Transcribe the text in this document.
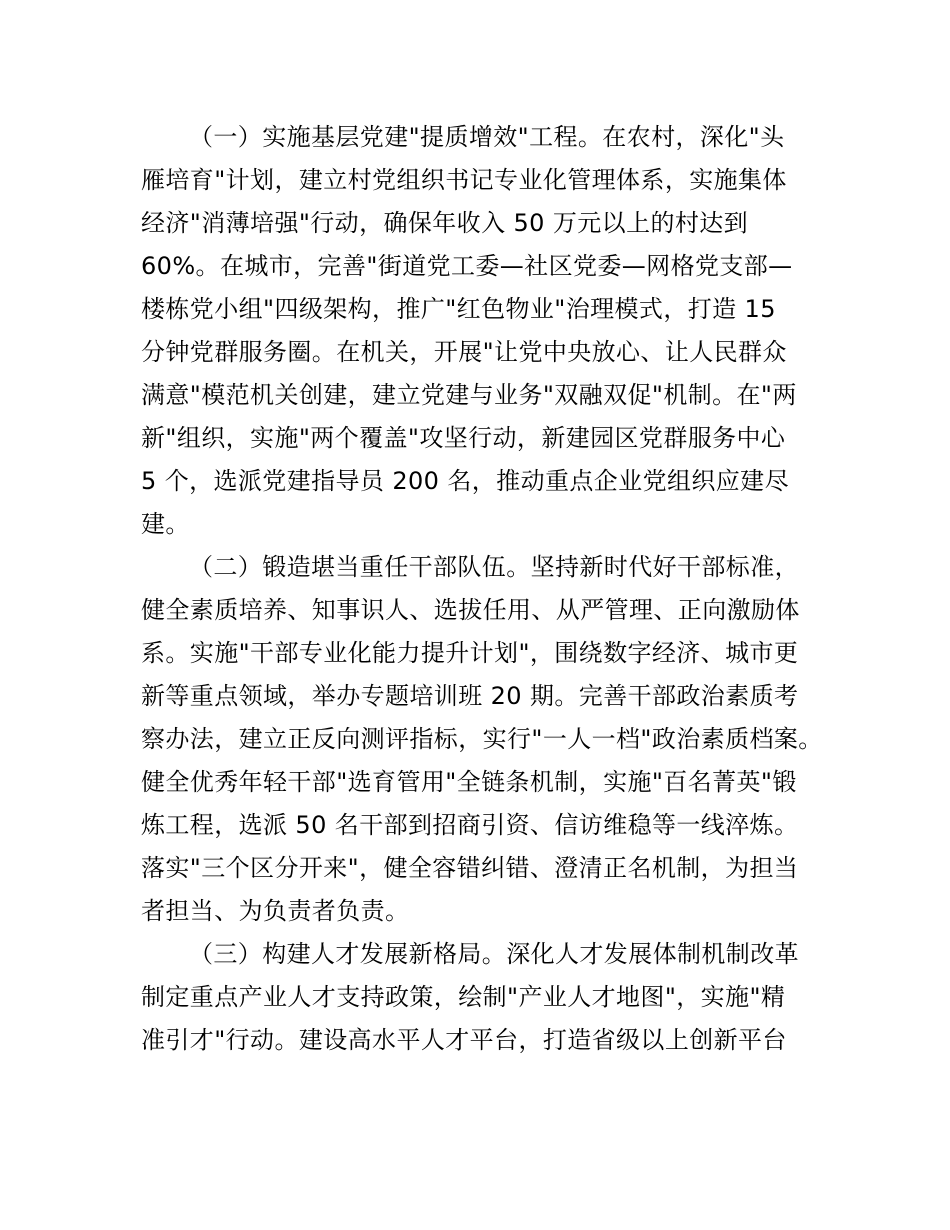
（一）实施基层党建"提质增效"工程。在农村，深化"头
雁培育"计划，建立村党组织书记专业化管理体系，实施集体
经济"消薄培强"行动，确保年收入 50 万元以上的村达到
60%。在城市，完善"街道党工委—社区党委—网格党支部—
楼栋党小组"四级架构，推广"红色物业"治理模式，打造 15
分钟党群服务圈。在机关，开展"让党中央放心、让人民群众
满意"模范机关创建，建立党建与业务"双融双促"机制。在"两
新"组织，实施"两个覆盖"攻坚行动，新建园区党群服务中心
5 个，选派党建指导员 200 名，推动重点企业党组织应建尽
建。
（二）锻造堪当重任干部队伍。坚持新时代好干部标准，
健全素质培养、知事识人、选拔任用、从严管理、正向激励体
系。实施"干部专业化能力提升计划"，围绕数字经济、城市更
新等重点领域，举办专题培训班 20 期。完善干部政治素质考
察办法，建立正反向测评指标，实行"一人一档"政治素质档案。
健全优秀年轻干部"选育管用"全链条机制，实施"百名菁英"锻
炼工程，选派 50 名干部到招商引资、信访维稳等一线淬炼。
落实"三个区分开来"，健全容错纠错、澄清正名机制，为担当
者担当、为负责者负责。
（三）构建人才发展新格局。深化人才发展体制机制改革
制定重点产业人才支持政策，绘制"产业人才地图"，实施"精
准引才"行动。建设高水平人才平台，打造省级以上创新平台
